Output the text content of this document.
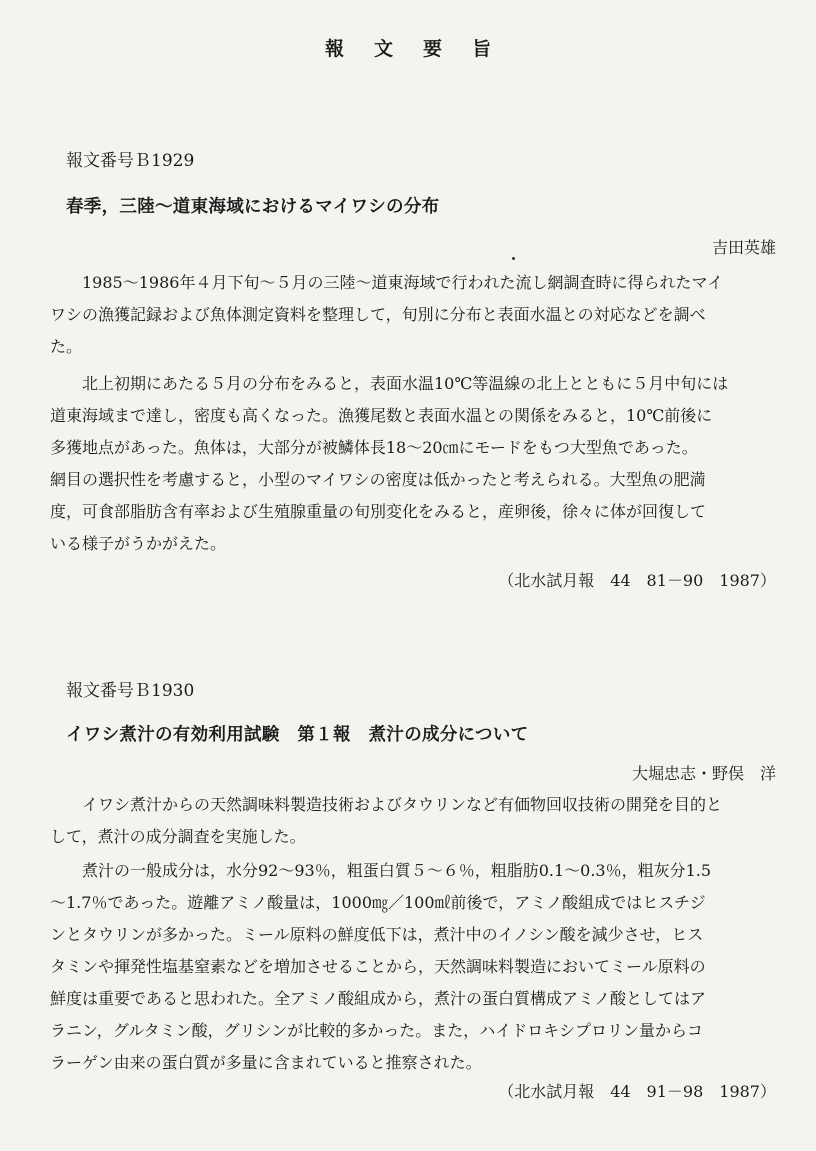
報文要旨
報文番号Ｂ1929
春季，三陸～道東海域におけるマイワシの分布
吉田英雄

1985～1986年４月下旬～５月の三陸～道東海域で行われた流し網調査時に得られたマイ
ワシの漁獲記録および魚体測定資料を整理して，旬別に分布と表面水温との対応などを調べ
た。

北上初期にあたる５月の分布をみると，表面水温10℃等温線の北上とともに５月中旬には
道東海域まで達し，密度も高くなった。漁獲尾数と表面水温との関係をみると，10℃前後に
多獲地点があった。魚体は，大部分が被鱗体長18～20㎝にモードをもつ大型魚であった。
網目の選択性を考慮すると，小型のマイワシの密度は低かったと考えられる。大型魚の肥満
度，可食部脂肪含有率および生殖腺重量の旬別変化をみると，産卵後，徐々に体が回復して
いる様子がうかがえた。

（北水試月報　44　81－90　1987）
報文番号Ｂ1930
イワシ煮汁の有効利用試験　第１報　煮汁の成分について
大堀忠志・野俣　洋

イワシ煮汁からの天然調味料製造技術およびタウリンなど有価物回収技術の開発を目的と
して，煮汁の成分調査を実施した。

煮汁の一般成分は，水分92～93％，粗蛋白質５～６％，粗脂肪0.1～0.3％，粗灰分1.5
～1.7％であった。遊離アミノ酸量は，1000㎎／100㎖前後で，アミノ酸組成ではヒスチジ
ンとタウリンが多かった。ミール原料の鮮度低下は，煮汁中のイノシン酸を減少させ，ヒス
タミンや揮発性塩基窒素などを増加させることから，天然調味料製造においてミール原料の
鮮度は重要であると思われた。全アミノ酸組成から，煮汁の蛋白質構成アミノ酸としてはア
ラニン，グルタミン酸，グリシンが比較的多かった。また，ハイドロキシプロリン量からコ
ラーゲン由来の蛋白質が多量に含まれていると推察された。

（北水試月報　44　91－98　1987）
